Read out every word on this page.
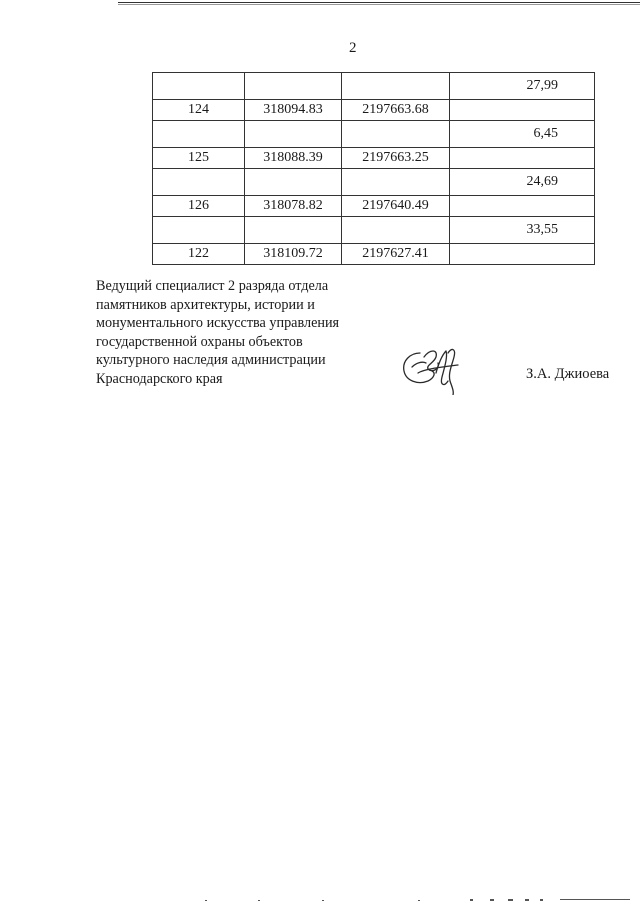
2
			27,99
124	318094.83	2197663.68	
			6,45
125	318088.39	2197663.25	
			24,69
126	318078.82	2197640.49	
			33,55
122	318109.72	2197627.41	
Ведущий специалист 2 разряда отдела
памятников архитектуры, истории и
монументального искусства управления
государственной охраны объектов
культурного наследия администрации
Краснодарского края	З.А. Джиоева
